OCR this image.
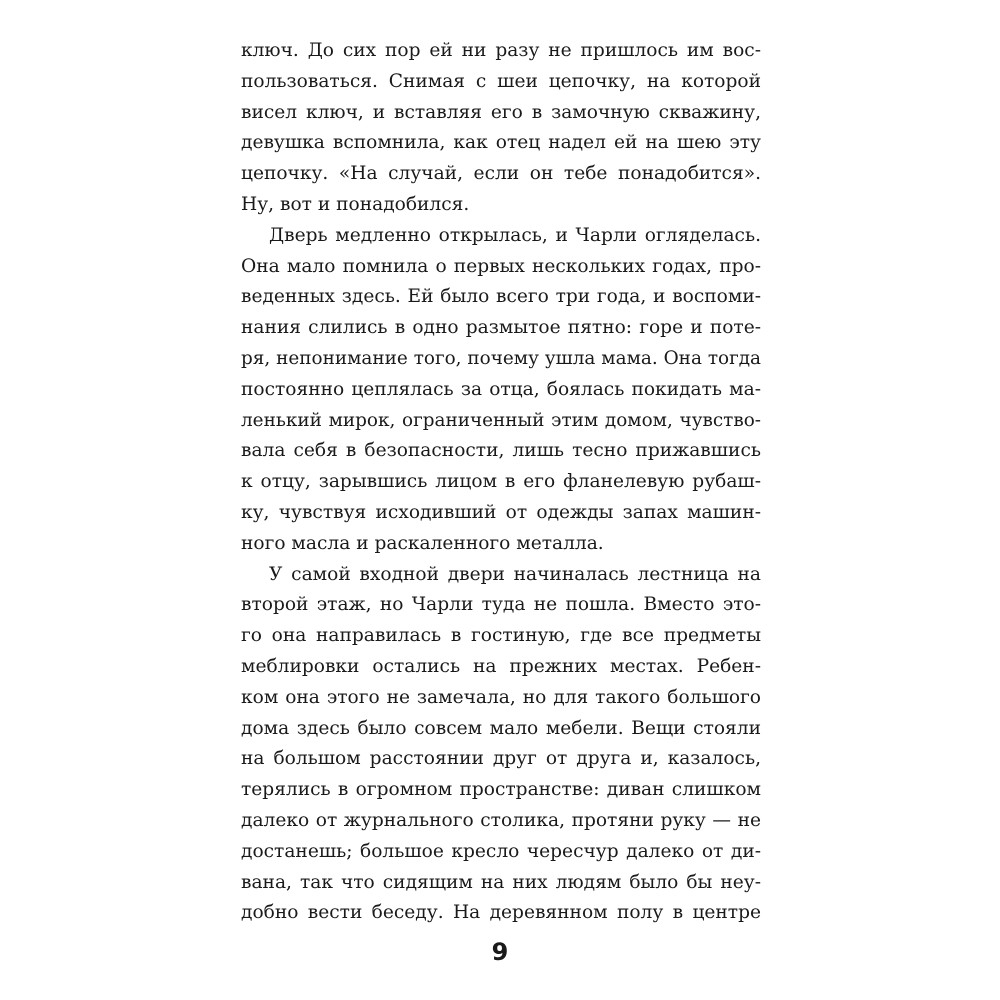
ключ. До сих пор ей ни разу не пришлось им вос-
пользоваться. Снимая с шеи цепочку, на которой
висел ключ, и вставляя его в замочную скважину,
девушка вспомнила, как отец надел ей на шею эту
цепочку. «На случай, если он тебе понадобится».
Ну, вот и понадобился.
Дверь медленно открылась, и Чарли огляделась.
Она мало помнила о первых нескольких годах, про-
веденных здесь. Ей было всего три года, и воспоми-
нания слились в одно размытое пятно: горе и поте-
ря, непонимание того, почему ушла мама. Она тогда
постоянно цеплялась за отца, боялась покидать ма-
ленький мирок, ограниченный этим домом, чувство-
вала себя в безопасности, лишь тесно прижавшись
к отцу, зарывшись лицом в его фланелевую рубаш-
ку, чувствуя исходивший от одежды запах машин-
ного масла и раскаленного металла.
У самой входной двери начиналась лестница на
второй этаж, но Чарли туда не пошла. Вместо это-
го она направилась в гостиную, где все предметы
меблировки остались на прежних местах. Ребен-
ком она этого не замечала, но для такого большого
дома здесь было совсем мало мебели. Вещи стояли
на большом расстоянии друг от друга и, казалось,
терялись в огромном пространстве: диван слишком
далеко от журнального столика, протяни руку — не
достанешь; большое кресло чересчур далеко от ди-
вана, так что сидящим на них людям было бы неу-
добно вести беседу. На деревянном полу в центре
9
